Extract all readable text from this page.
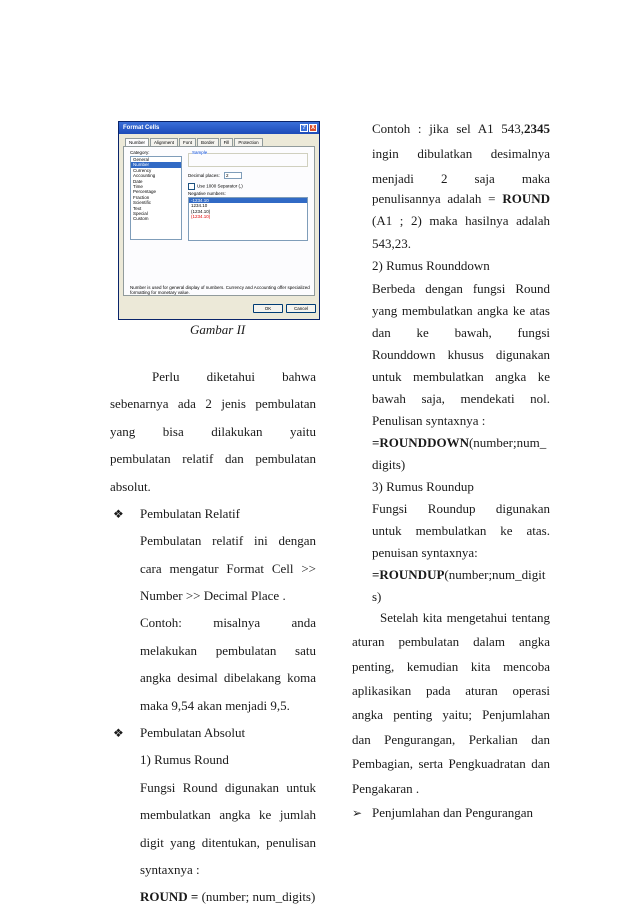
Format Cells	? X
Number	Alignment	Font	Border	Fill	Protection
Category:
General
Number
Currency
Accounting
Date
Time
Percentage
Fraction
Scientific
Text
Special
Custom
Sample
Decimal places:	2
Use 1000 Separator (,)
Negative numbers:
-1234.10
1234.10
(1234.10)
(1234.10)
Number is used for general display of numbers. Currency and Accounting offer specialized formatting for monetary value.
OK	Cancel
Gambar II
Perlu diketahui bahwa
sebenarnya ada 2 jenis pembulatan
yang bisa dilakukan yaitu
pembulatan relatif dan pembulatan
absolut.
❖ Pembulatan Relatif
Pembulatan relatif ini dengan
cara mengatur Format Cell >>
Number >> Decimal Place .
Contoh: misalnya anda
melakukan pembulatan satu
angka desimal dibelakang koma
maka 9,54 akan menjadi 9,5.
❖ Pembulatan Absolut
1) Rumus Round
Fungsi Round digunakan untuk
membulatkan angka ke jumlah
digit yang ditentukan, penulisan
syntaxnya :
ROUND = (number; num_digits)
Contoh : jika sel A1 543,2345
ingin dibulatkan desimalnya
menjadi 2 saja maka
penulisannya adalah = ROUND
(A1 ; 2) maka hasilnya adalah
543,23.
2) Rumus Rounddown
Berbeda dengan fungsi Round
yang membulatkan angka ke atas
dan ke bawah, fungsi
Rounddown khusus digunakan
untuk membulatkan angka ke
bawah saja, mendekati nol.
Penulisan syntaxnya :
=ROUNDDOWN(number;num_
digits)
3) Rumus Roundup
Fungsi Roundup digunakan
untuk membulatkan ke atas.
penuisan syntaxnya:
=ROUNDUP(number;num_digit
s)
Setelah kita mengetahui tentang
aturan pembulatan dalam angka
penting, kemudian kita mencoba
aplikasikan pada aturan operasi
angka penting yaitu; Penjumlahan
dan Pengurangan, Perkalian dan
Pembagian, serta Pengkuadratan dan
Pengakaran .
➢ Penjumlahan dan Pengurangan
